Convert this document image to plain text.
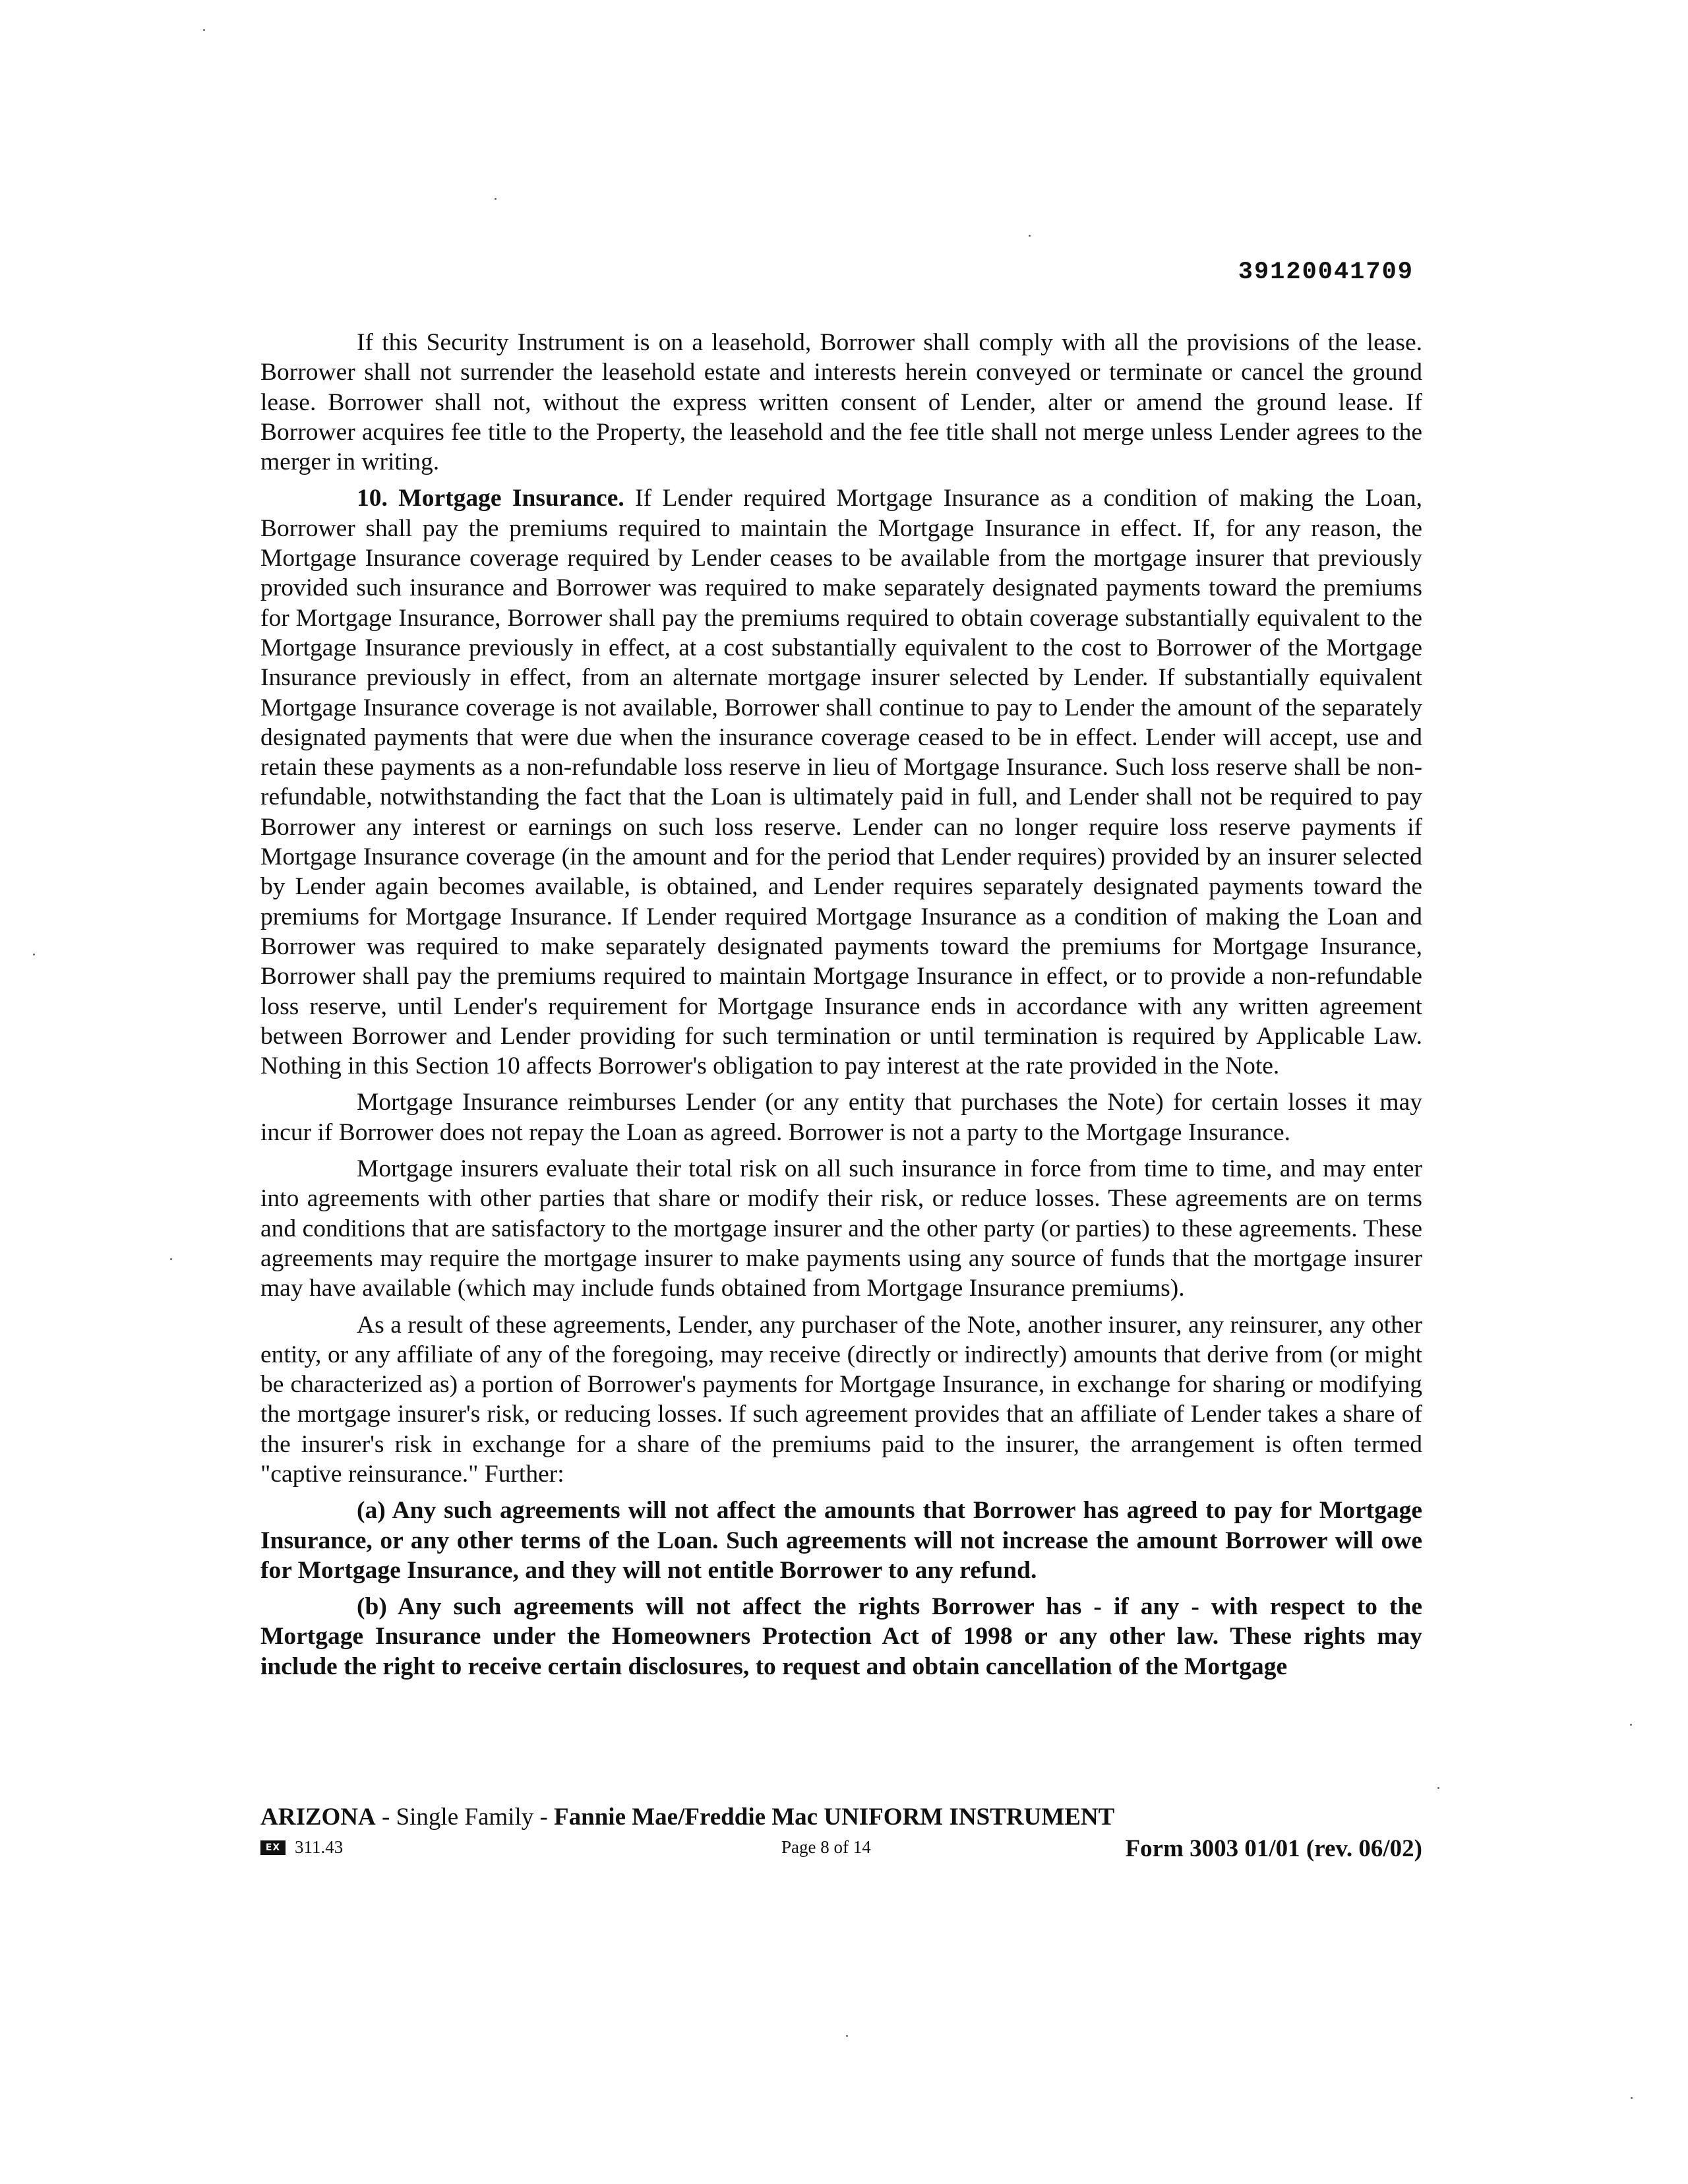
39120041709

If this Security Instrument is on a leasehold, Borrower shall comply with all the provisions of the lease. Borrower shall not surrender the leasehold estate and interests herein conveyed or terminate or cancel the ground lease. Borrower shall not, without the express written consent of Lender, alter or amend the ground lease. If Borrower acquires fee title to the Property, the leasehold and the fee title shall not merge unless Lender agrees to the merger in writing.

10. Mortgage Insurance. If Lender required Mortgage Insurance as a condition of making the Loan, Borrower shall pay the premiums required to maintain the Mortgage Insurance in effect. If, for any reason, the Mortgage Insurance coverage required by Lender ceases to be available from the mortgage insurer that previously provided such insurance and Borrower was required to make separately designated payments toward the premiums for Mortgage Insurance, Borrower shall pay the premiums required to obtain coverage substantially equivalent to the Mortgage Insurance previously in effect, at a cost substantially equivalent to the cost to Borrower of the Mortgage Insurance previously in effect, from an alternate mortgage insurer selected by Lender. If substantially equivalent Mortgage Insurance coverage is not available, Borrower shall continue to pay to Lender the amount of the separately designated payments that were due when the insurance coverage ceased to be in effect. Lender will accept, use and retain these payments as a non-refundable loss reserve in lieu of Mortgage Insurance. Such loss reserve shall be non-refundable, notwithstanding the fact that the Loan is ultimately paid in full, and Lender shall not be required to pay Borrower any interest or earnings on such loss reserve. Lender can no longer require loss reserve payments if Mortgage Insurance coverage (in the amount and for the period that Lender requires) provided by an insurer selected by Lender again becomes available, is obtained, and Lender requires separately designated payments toward the premiums for Mortgage Insurance. If Lender required Mortgage Insurance as a condition of making the Loan and Borrower was required to make separately designated payments toward the premiums for Mortgage Insurance, Borrower shall pay the premiums required to maintain Mortgage Insurance in effect, or to provide a non-refundable loss reserve, until Lender's requirement for Mortgage Insurance ends in accordance with any written agreement between Borrower and Lender providing for such termination or until termination is required by Applicable Law. Nothing in this Section 10 affects Borrower's obligation to pay interest at the rate provided in the Note.

Mortgage Insurance reimburses Lender (or any entity that purchases the Note) for certain losses it may incur if Borrower does not repay the Loan as agreed. Borrower is not a party to the Mortgage Insurance.

Mortgage insurers evaluate their total risk on all such insurance in force from time to time, and may enter into agreements with other parties that share or modify their risk, or reduce losses. These agreements are on terms and conditions that are satisfactory to the mortgage insurer and the other party (or parties) to these agreements. These agreements may require the mortgage insurer to make payments using any source of funds that the mortgage insurer may have available (which may include funds obtained from Mortgage Insurance premiums).

As a result of these agreements, Lender, any purchaser of the Note, another insurer, any reinsurer, any other entity, or any affiliate of any of the foregoing, may receive (directly or indirectly) amounts that derive from (or might be characterized as) a portion of Borrower's payments for Mortgage Insurance, in exchange for sharing or modifying the mortgage insurer's risk, or reducing losses. If such agreement provides that an affiliate of Lender takes a share of the insurer's risk in exchange for a share of the premiums paid to the insurer, the arrangement is often termed "captive reinsurance." Further:

(a) Any such agreements will not affect the amounts that Borrower has agreed to pay for Mortgage Insurance, or any other terms of the Loan. Such agreements will not increase the amount Borrower will owe for Mortgage Insurance, and they will not entitle Borrower to any refund.

(b) Any such agreements will not affect the rights Borrower has - if any - with respect to the Mortgage Insurance under the Homeowners Protection Act of 1998 or any other law. These rights may include the right to receive certain disclosures, to request and obtain cancellation of the Mortgage

ARIZONA - Single Family - Fannie Mae/Freddie Mac UNIFORM INSTRUMENT
EX 311.43	Page 8 of 14	Form 3003 01/01 (rev. 06/02)
